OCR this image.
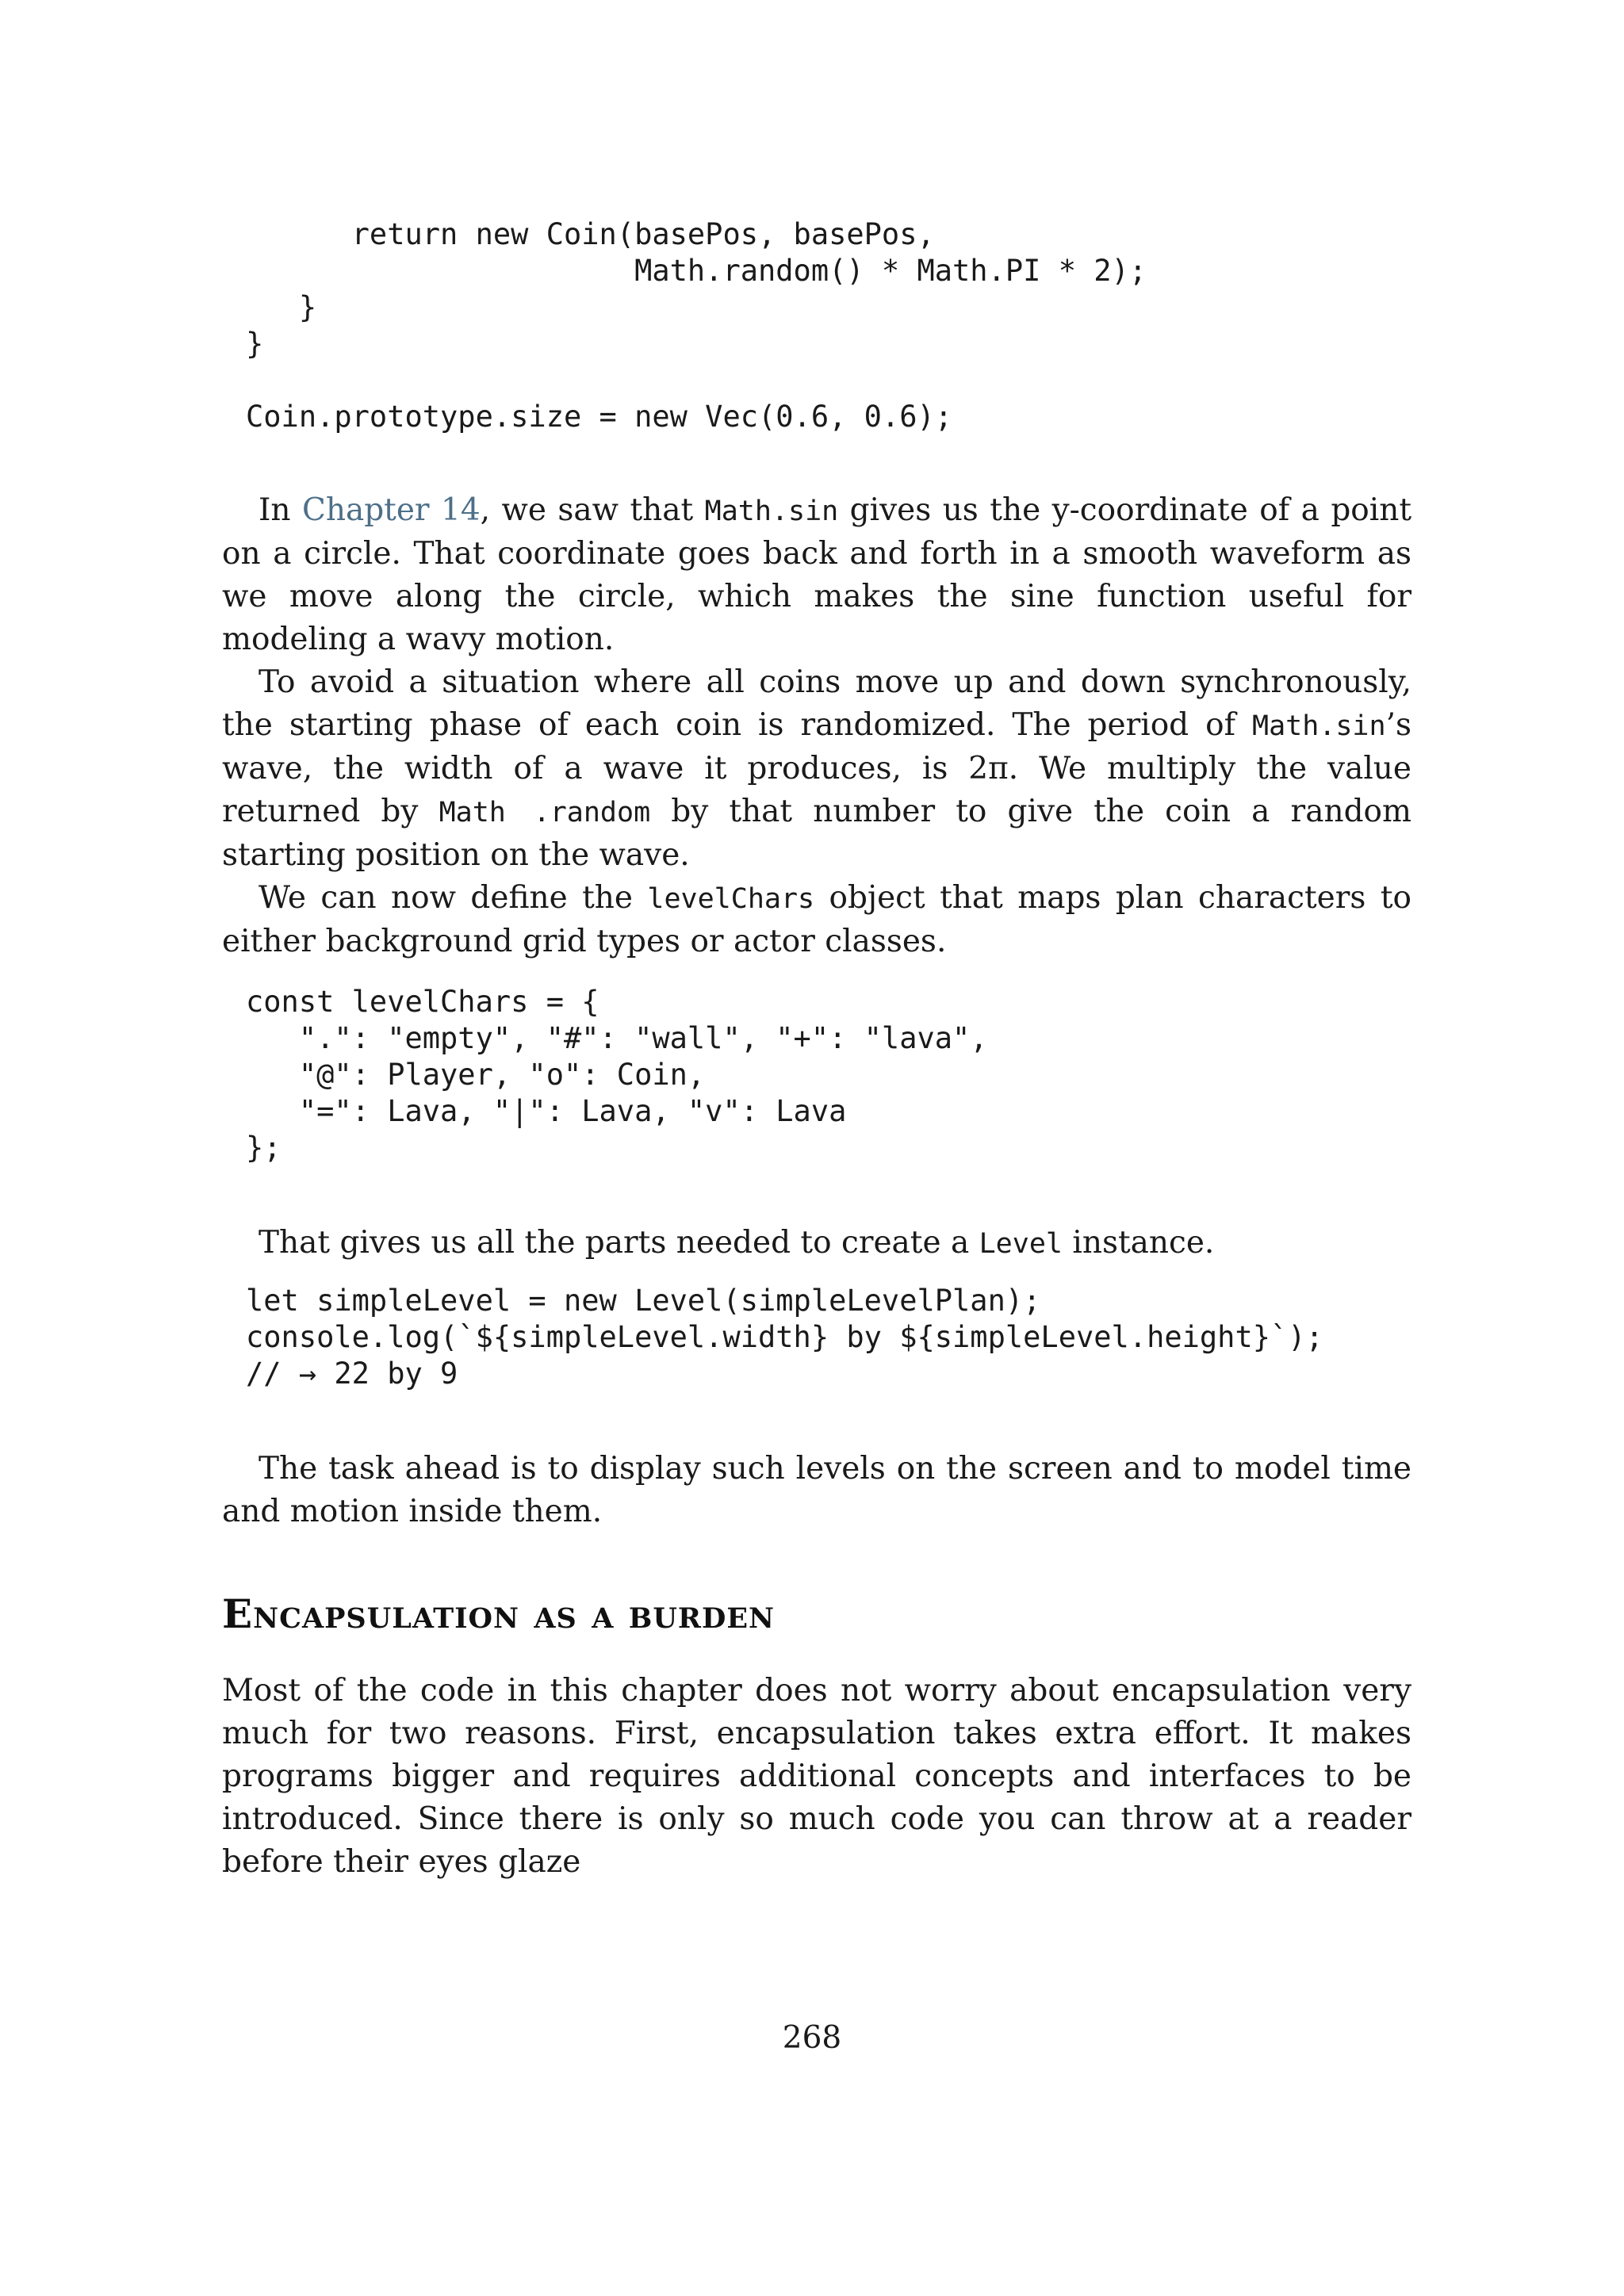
return new Coin(basePos, basePos,
Math.random() * Math.PI * 2);
}
}

Coin.prototype.size = new Vec(0.6, 0.6);

In Chapter 14, we saw that Math.sin gives us the y-coordinate of a point on a circle. That coordinate goes back and forth in a smooth waveform as we move along the circle, which makes the sine function useful for modeling a wavy motion.

To avoid a situation where all coins move up and down synchronously, the starting phase of each coin is randomized. The period of Math.sin’s wave, the width of a wave it produces, is 2π. We multiply the value returned by Math .random by that number to give the coin a random starting position on the wave.

We can now define the levelChars object that maps plan characters to either background grid types or actor classes.

const levelChars = {
".": "empty", "#": "wall", "+": "lava",
"@": Player, "o": Coin,
"=": Lava, "|": Lava, "v": Lava
};

That gives us all the parts needed to create a Level instance.

let simpleLevel = new Level(simpleLevelPlan);
console.log(`${simpleLevel.width} by ${simpleLevel.height}`);
// → 22 by 9

The task ahead is to display such levels on the screen and to model time and motion inside them.

Encapsulation as a burden

Most of the code in this chapter does not worry about encapsulation very much for two reasons. First, encapsulation takes extra effort. It makes programs bigger and requires additional concepts and interfaces to be introduced. Since there is only so much code you can throw at a reader before their eyes glaze

268
